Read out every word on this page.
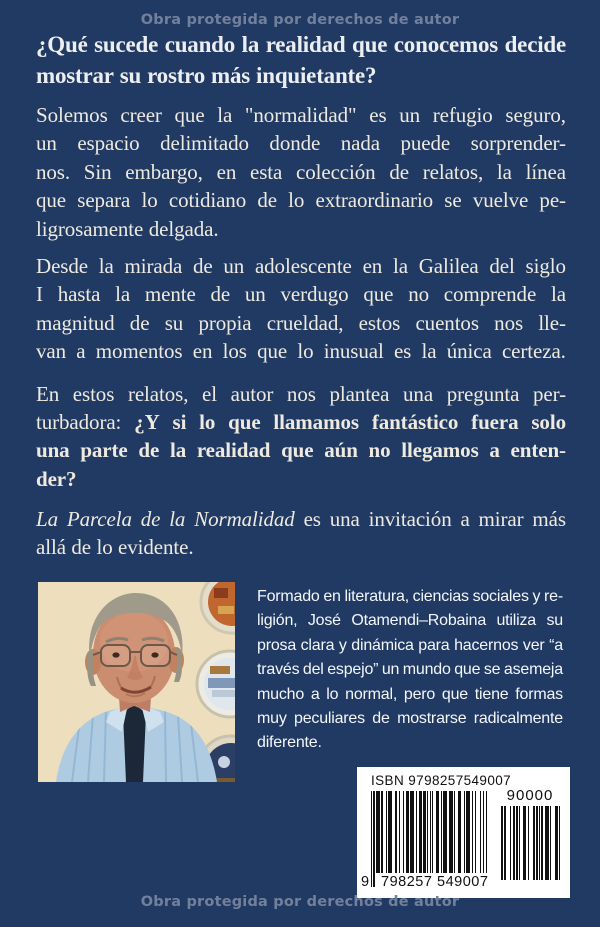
Obra protegida por derechos de autor
¿Qué sucede cuando la realidad que conocemos decide
mostrar su rostro más inquietante?
Solemos creer que la "normalidad" es un refugio seguro,
un espacio delimitado donde nada puede sorprender-
nos. Sin embargo, en esta colección de relatos, la línea
que separa lo cotidiano de lo extraordinario se vuelve pe-
ligrosamente delgada.
Desde la mirada de un adolescente en la Galilea del siglo
I hasta la mente de un verdugo que no comprende la
magnitud de su propia crueldad, estos cuentos nos lle-
van a momentos en los que lo inusual es la única certeza.
En estos relatos, el autor nos plantea una pregunta per-
turbadora: ¿Y si lo que llamamos fantástico fuera solo
una parte de la realidad que aún no llegamos a enten-
der?
La Parcela de la Normalidad es una invitación a mirar más
allá de lo evidente.
Formado en literatura, ciencias sociales y re-
ligión, José Otamendi–Robaina utiliza su
prosa clara y dinámica para hacernos ver “a
través del espejo” un mundo que se asemeja
mucho a lo normal, pero que tiene formas
muy peculiares de mostrarse radicalmente
diferente.
ISBN 9798257549007
9 798257 549007
90000
Obra protegida por derechos de autor
